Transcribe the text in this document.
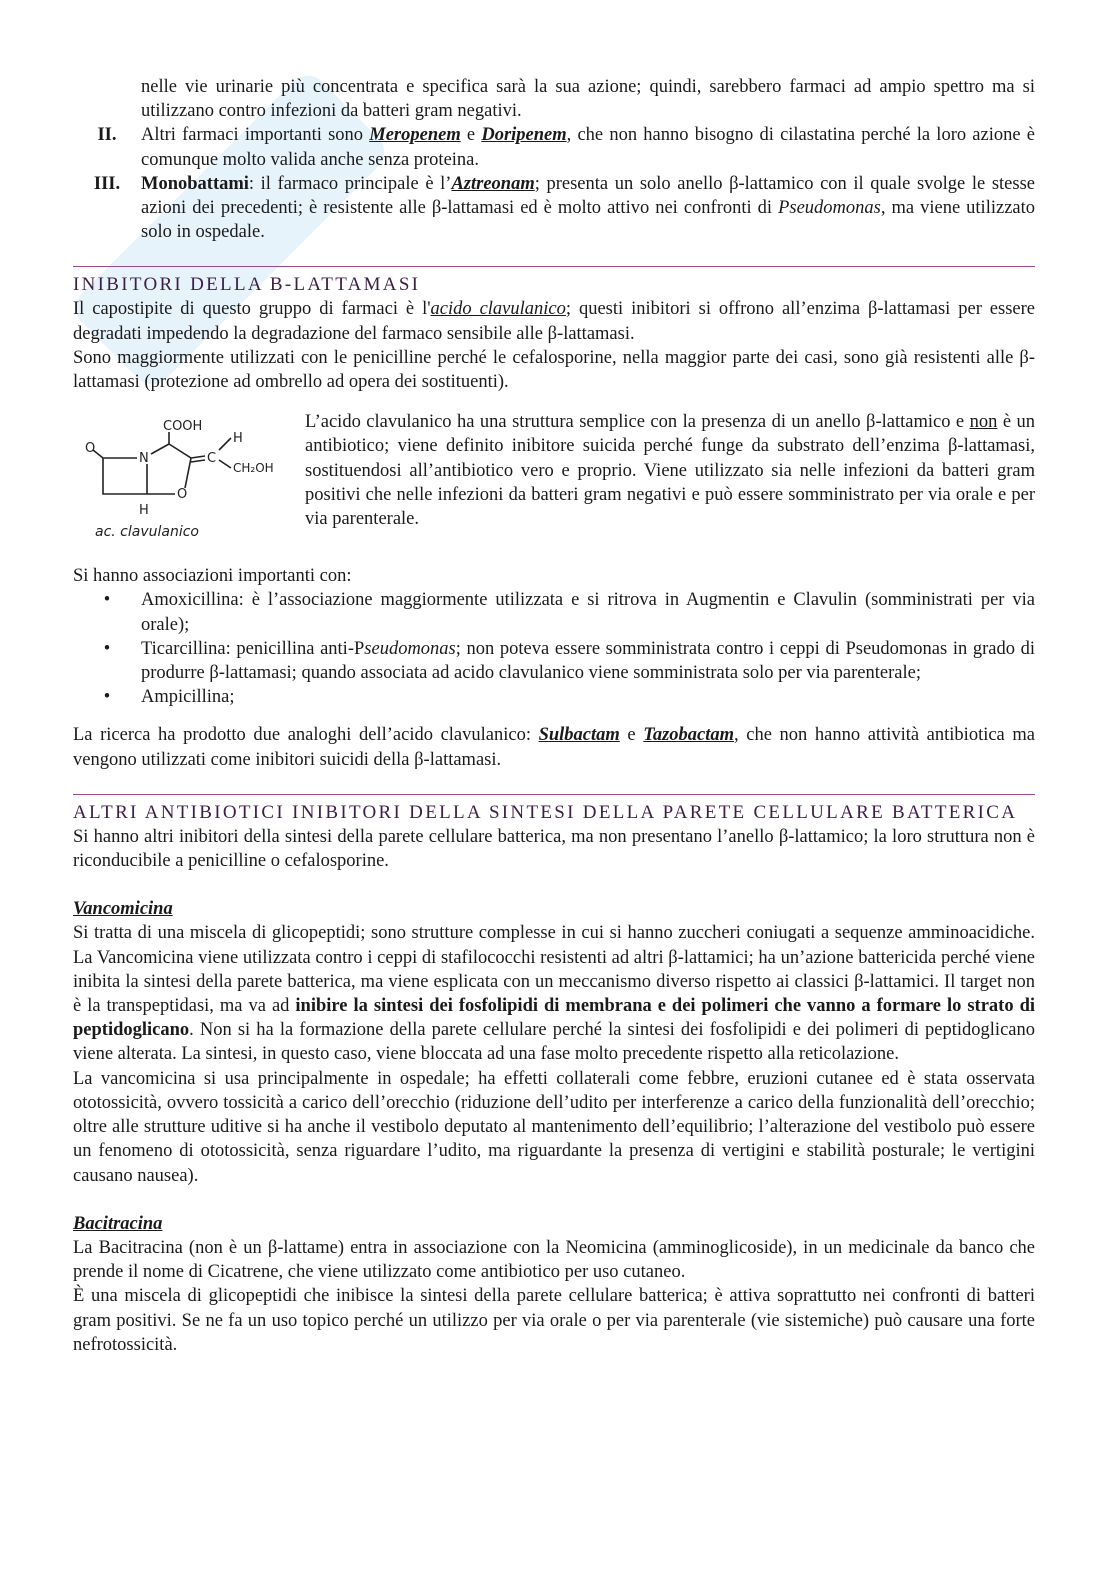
nelle vie urinarie più concentrata e specifica sarà la sua azione; quindi, sarebbero farmaci ad ampio spettro ma si utilizzano contro infezioni da batteri gram negativi.

II.	Altri farmaci importanti sono Meropenem e Doripenem, che non hanno bisogno di cilastatina perché la loro azione è comunque molto valida anche senza proteina.

III.	Monobattami: il farmaco principale è l’Aztreonam; presenta un solo anello β-lattamico con il quale svolge le stesse azioni dei precedenti; è resistente alle β-lattamasi ed è molto attivo nei confronti di Pseudomonas, ma viene utilizzato solo in ospedale.

INIBITORI DELLA B-LATTAMASI

Il capostipite di questo gruppo di farmaci è l'acido clavulanico; questi inibitori si offrono all’enzima β-lattamasi per essere degradati impedendo la degradazione del farmaco sensibile alle β-lattamasi.

Sono maggiormente utilizzati con le penicilline perché le cefalosporine, nella maggior parte dei casi, sono già resistenti alle β-lattamasi (protezione ad ombrello ad opera dei sostituenti).

COOH
O
N
H
C
CH₂OH
O
H
ac. clavulanico

L’acido clavulanico ha una struttura semplice con la presenza di un anello β-lattamico e non è un antibiotico; viene definito inibitore suicida perché funge da substrato dell’enzima β-lattamasi, sostituendosi all’antibiotico vero e proprio. Viene utilizzato sia nelle infezioni da batteri gram positivi che nelle infezioni da batteri gram negativi e può essere somministrato per via orale e per via parenterale.

Si hanno associazioni importanti con:

•	Amoxicillina: è l’associazione maggiormente utilizzata e si ritrova in Augmentin e Clavulin (somministrati per via orale);

•	Ticarcillina: penicillina anti-Pseudomonas; non poteva essere somministrata contro i ceppi di Pseudomonas in grado di produrre β-lattamasi; quando associata ad acido clavulanico viene somministrata solo per via parenterale;

•	Ampicillina;

La ricerca ha prodotto due analoghi dell’acido clavulanico: Sulbactam e Tazobactam, che non hanno attività antibiotica ma vengono utilizzati come inibitori suicidi della β-lattamasi.

ALTRI ANTIBIOTICI INIBITORI DELLA SINTESI DELLA PARETE CELLULARE BATTERICA

Si hanno altri inibitori della sintesi della parete cellulare batterica, ma non presentano l’anello β-lattamico; la loro struttura non è riconducibile a penicilline o cefalosporine.

Vancomicina

Si tratta di una miscela di glicopeptidi; sono strutture complesse in cui si hanno zuccheri coniugati a sequenze amminoacidiche. La Vancomicina viene utilizzata contro i ceppi di stafilococchi resistenti ad altri β-lattamici; ha un’azione battericida perché viene inibita la sintesi della parete batterica, ma viene esplicata con un meccanismo diverso rispetto ai classici β-lattamici. Il target non è la transpeptidasi, ma va ad inibire la sintesi dei fosfolipidi di membrana e dei polimeri che vanno a formare lo strato di peptidoglicano. Non si ha la formazione della parete cellulare perché la sintesi dei fosfolipidi e dei polimeri di peptidoglicano viene alterata. La sintesi, in questo caso, viene bloccata ad una fase molto precedente rispetto alla reticolazione.

La vancomicina si usa principalmente in ospedale; ha effetti collaterali come febbre, eruzioni cutanee ed è stata osservata ototossicità, ovvero tossicità a carico dell’orecchio (riduzione dell’udito per interferenze a carico della funzionalità dell’orecchio; oltre alle strutture uditive si ha anche il vestibolo deputato al mantenimento dell’equilibrio; l’alterazione del vestibolo può essere un fenomeno di ototossicità, senza riguardare l’udito, ma riguardante la presenza di vertigini e stabilità posturale; le vertigini causano nausea).

Bacitracina

La Bacitracina (non è un β-lattame) entra in associazione con la Neomicina (amminoglicoside), in un medicinale da banco che prende il nome di Cicatrene, che viene utilizzato come antibiotico per uso cutaneo.

È una miscela di glicopeptidi che inibisce la sintesi della parete cellulare batterica; è attiva soprattutto nei confronti di batteri gram positivi. Se ne fa un uso topico perché un utilizzo per via orale o per via parenterale (vie sistemiche) può causare una forte nefrotossicità.
